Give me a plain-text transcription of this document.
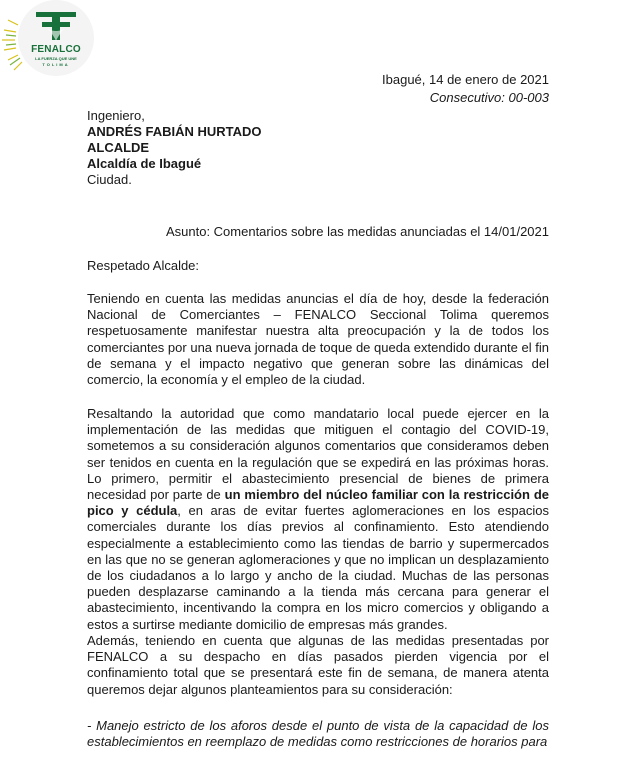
FENALCO
LA FUERZA QUE UNE
TOLIMA
Ibagué, 14 de enero de 2021
Consecutivo: 00-003
Ingeniero,
ANDRÉS FABIÁN HURTADO
ALCALDE
Alcaldía de Ibagué
Ciudad.
Asunto: Comentarios sobre las medidas anunciadas el 14/01/2021
Respetado Alcalde:
Teniendo en cuenta las medidas anuncias el día de hoy, desde la federación Nacional de Comerciantes – FENALCO Seccional Tolima queremos respetuosamente manifestar nuestra alta preocupación y la de todos los comerciantes por una nueva jornada de toque de queda extendido durante el fin de semana y el impacto negativo que generan sobre las dinámicas del comercio, la economía y el empleo de la ciudad.
Resaltando la autoridad que como mandatario local puede ejercer en la implementación de las medidas que mitiguen el contagio del COVID-19, sometemos a su consideración algunos comentarios que consideramos deben ser tenidos en cuenta en la regulación que se expedirá en las próximas horas. Lo primero, permitir el abastecimiento presencial de bienes de primera necesidad por parte de un miembro del núcleo familiar con la restricción de pico y cédula, en aras de evitar fuertes aglomeraciones en los espacios comerciales durante los días previos al confinamiento. Esto atendiendo especialmente a establecimiento como las tiendas de barrio y supermercados en las que no se generan aglomeraciones y que no implican un desplazamiento de los ciudadanos a lo largo y ancho de la ciudad. Muchas de las personas pueden desplazarse caminando a la tienda más cercana para generar el abastecimiento, incentivando la compra en los micro comercios y obligando a estos a surtirse mediante domicilio de empresas más grandes.
Además, teniendo en cuenta que algunas de las medidas presentadas por FENALCO a su despacho en días pasados pierden vigencia por el confinamiento total que se presentará este fin de semana, de manera atenta queremos dejar algunos planteamientos para su consideración:
- Manejo estricto de los aforos desde el punto de vista de la capacidad de los establecimientos en reemplazo de medidas como restricciones de horarios para
